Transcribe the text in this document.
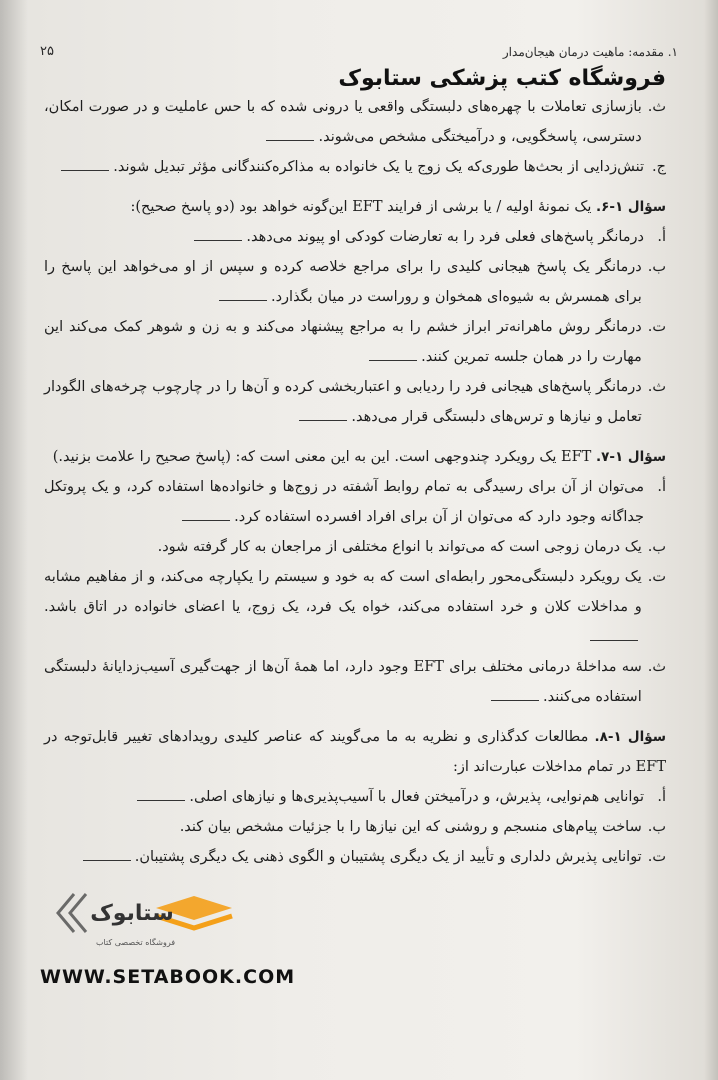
۱. مقدمه: ماهیت درمان هیجان‌مدار
۲۵
فروشگاه کتب پزشکی ستابوک
ث.
بازسازی تعاملات با چهره‌های دلبستگی واقعی یا درونی شده که با حس عاملیت و در صورت امکان، دسترسی، پاسخگویی، و درآمیختگی مشخص می‌شوند.
ج.
تنش‌زدایی از بحث‌ها طوری‌که یک زوج یا یک خانواده به مذاکره‌کنندگانی مؤثر تبدیل شوند.
سؤال ۱-۶. یک نمونهٔ اولیه / یا برشی از فرایند EFT این‌گونه خواهد بود (دو پاسخ صحیح):
أ.
درمانگر پاسخ‌های فعلی فرد را به تعارضات کودکی او پیوند می‌دهد.
ب.
درمانگر یک پاسخ هیجانی کلیدی را برای مراجع خلاصه کرده و سپس از او می‌خواهد این پاسخ را برای همسرش به شیوه‌ای همخوان و رو‌راست در میان بگذارد.
ت.
درمانگر روش ماهرانه‌تر ابراز خشم را به مراجع پیشنهاد می‌کند و به زن و شوهر کمک می‌کند این مهارت را در همان جلسه تمرین کنند.
ث.
درمانگر پاسخ‌های هیجانی فرد را ردیابی و اعتباربخشی کرده و آن‌ها را در چارچوب چرخه‌های الگودار تعامل و نیازها و ترس‌های دلبستگی قرار می‌دهد.
سؤال ۱-۷. EFT یک رویکرد چندوجهی است. این به این معنی است که: (پاسخ صحیح را علامت بزنید.)
أ.
می‌توان از آن برای رسیدگی به تمام روابط آشفته در زوج‌ها و خانواده‌ها استفاده کرد، و یک پروتکل جداگانه وجود دارد که می‌توان از آن برای افراد افسرده استفاده کرد.
ب.
یک درمان زوجی است که می‌تواند با انواع مختلفی از مراجعان به کار گرفته شود.
ت.
یک رویکرد دلبستگی‌محور رابطه‌ای است که به خود و سیستم را یکپارچه می‌کند، و از مفاهیم مشابه و مداخلات کلان و خرد استفاده می‌کند، خواه یک فرد، یک زوج، یا اعضای خانواده در اتاق باشد.
ث.
سه مداخلهٔ درمانی مختلف برای EFT وجود دارد، اما همهٔ آن‌ها از جهت‌گیری آسیب‌زدایانهٔ دلبستگی استفاده می‌کنند.
سؤال ۱-۸. مطالعات کدگذاری و نظریه به ما می‌گویند که عناصر کلیدی رویدادهای تغییر قابل‌توجه در EFT در تمام مداخلات عبارت‌اند از:
أ.
توانایی هم‌نوایی، پذیرش، و درآمیختن فعال با آسیب‌پذیری‌ها و نیازهای اصلی.
ب.
ساخت پیام‌های منسجم و روشنی که این نیازها را با جزئیات مشخص بیان کند.
ت.
توانایی پذیرش دلداری و تأیید از یک دیگری پشتیبان و الگوی ذهنی یک دیگری پشتیبان.
ستابوک
فروشگاه تخصصی کتاب
WWW.SETABOOK.COM
